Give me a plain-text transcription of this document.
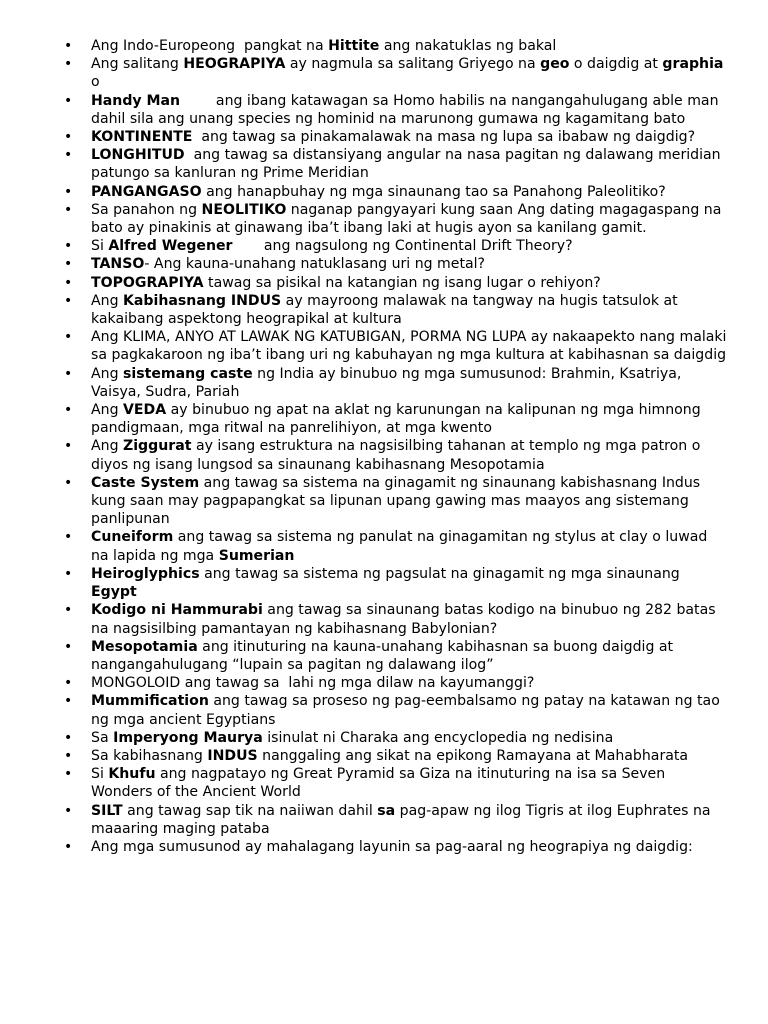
• Ang Indo-Europeong  pangkat na Hittite ang nakatuklas ng bakal
• Ang salitang HEOGRAPIYA ay nagmula sa salitang Griyego na geo o daigdig at graphia o
• Handy Man        ang ibang katawagan sa Homo habilis na nangangahulugang able man dahil sila ang unang species ng hominid na marunong gumawa ng kagamitang bato
• KONTINENTE  ang tawag sa pinakamalawak na masa ng lupa sa ibabaw ng daigdig?
• LONGHITUD  ang tawag sa distansiyang angular na nasa pagitan ng dalawang meridian patungo sa kanluran ng Prime Meridian
• PANGANGASO ang hanapbuhay ng mga sinaunang tao sa Panahong Paleolitiko?
• Sa panahon ng NEOLITIKO naganap pangyayari kung saan Ang dating magagaspang na bato ay pinakinis at ginawang iba’t ibang laki at hugis ayon sa kanilang gamit.
• Si Alfred Wegener       ang nagsulong ng Continental Drift Theory?
• TANSO- Ang kauna-unahang natuklasang uri ng metal?
• TOPOGRAPIYA tawag sa pisikal na katangian ng isang lugar o rehiyon?
• Ang Kabihasnang INDUS ay mayroong malawak na tangway na hugis tatsulok at kakaibang aspektong heograpikal at kultura
• Ang KLIMA, ANYO AT LAWAK NG KATUBIGAN, PORMA NG LUPA ay nakaapekto nang malaki sa pagkakaroon ng iba’t ibang uri ng kabuhayan ng mga kultura at kabihasnan sa daigdig
• Ang sistemang caste ng India ay binubuo ng mga sumusunod: Brahmin, Ksatriya, Vaisya, Sudra, Pariah
• Ang VEDA ay binubuo ng apat na aklat ng karunungan na kalipunan ng mga himnong pandigmaan, mga ritwal na panrelihiyon, at mga kwento
• Ang Ziggurat ay isang estruktura na nagsisilbing tahanan at templo ng mga patron o diyos ng isang lungsod sa sinaunang kabihasnang Mesopotamia
• Caste System ang tawag sa sistema na ginagamit ng sinaunang kabishasnang Indus kung saan may pagpapangkat sa lipunan upang gawing mas maayos ang sistemang panlipunan
• Cuneiform ang tawag sa sistema ng panulat na ginagamitan ng stylus at clay o luwad na lapida ng mga Sumerian
• Heiroglyphics ang tawag sa sistema ng pagsulat na ginagamit ng mga sinaunang Egypt
• Kodigo ni Hammurabi ang tawag sa sinaunang batas kodigo na binubuo ng 282 batas na nagsisilbing pamantayan ng kabihasnang Babylonian?
• Mesopotamia ang itinuturing na kauna-unahang kabihasnan sa buong daigdig at nangangahulugang “lupain sa pagitan ng dalawang ilog”
• MONGOLOID ang tawag sa  lahi ng mga dilaw na kayumanggi?
• Mummification ang tawag sa proseso ng pag-eembalsamo ng patay na katawan ng tao ng mga ancient Egyptians
• Sa Imperyong Maurya isinulat ni Charaka ang encyclopedia ng nedisina
• Sa kabihasnang INDUS nanggaling ang sikat na epikong Ramayana at Mahabharata
• Si Khufu ang nagpatayo ng Great Pyramid sa Giza na itinuturing na isa sa Seven Wonders of the Ancient World
• SILT ang tawag sap tik na naiiwan dahil sa pag-apaw ng ilog Tigris at ilog Euphrates na maaaring maging pataba
• Ang mga sumusunod ay mahalagang layunin sa pag-aaral ng heograpiya ng daigdig:
